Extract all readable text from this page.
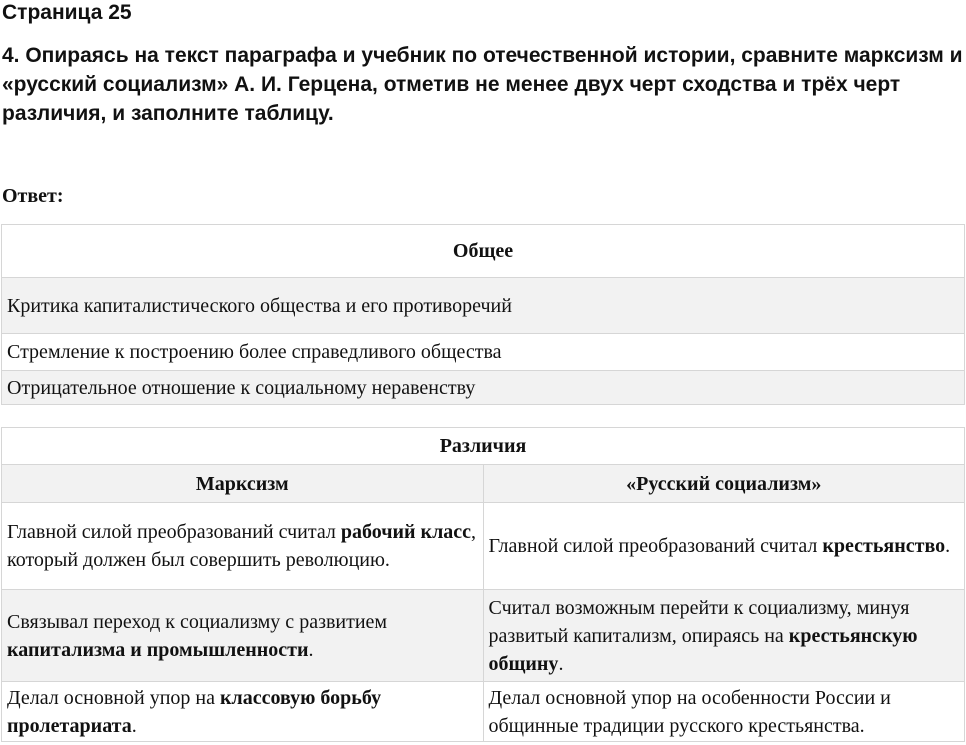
Страница 25
4. Опираясь на текст параграфа и учебник по отечественной истории, сравните марксизм и «русский социализм» А. И. Герцена, отметив не менее двух черт сходства и трёх черт различия, и заполните таблицу.
Ответ:
Общее
Критика капиталистического общества и его противоречий
Стремление к построению более справедливого общества
Отрицательное отношение к социальному неравенству
Различия	
Марксизм	«Русский социализм»
Главной силой преобразований считал рабочий класс, который должен был совершить революцию.	Главной силой преобразований считал крестьянство.
Связывал переход к социализму с развитием капитализма и промышленности.	Считал возможным перейти к социализму, минуя развитый капитализм, опираясь на крестьянскую общину.
Делал основной упор на классовую борьбу пролетариата.	Делал основной упор на особенности России и общинные традиции русского крестьянства.
